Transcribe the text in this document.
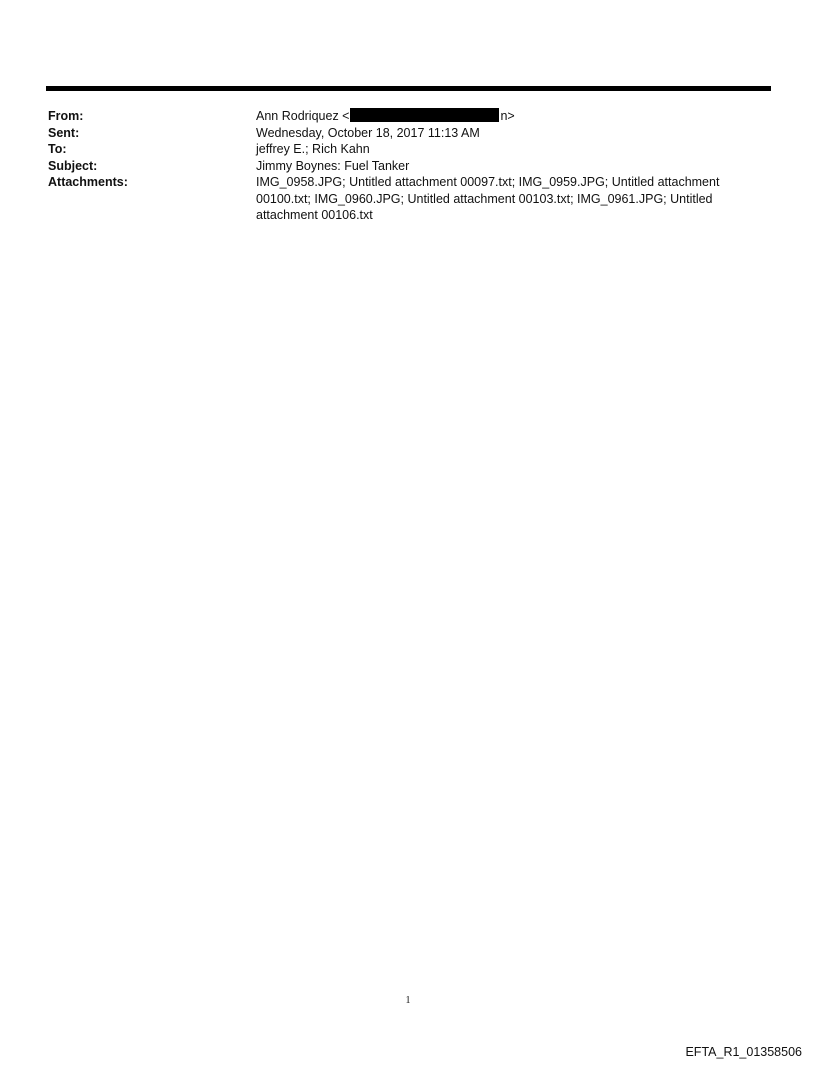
From:	Ann Rodriquez <	n>
Sent:	Wednesday, October 18, 2017 11:13 AM
To:	jeffrey E.; Rich Kahn
Subject:	Jimmy Boynes: Fuel Tanker
Attachments:	IMG_0958.JPG; Untitled attachment 00097.txt; IMG_0959.JPG; Untitled attachment 00100.txt; IMG_0960.JPG; Untitled attachment 00103.txt; IMG_0961.JPG; Untitled attachment 00106.txt
1
EFTA_R1_01358506
